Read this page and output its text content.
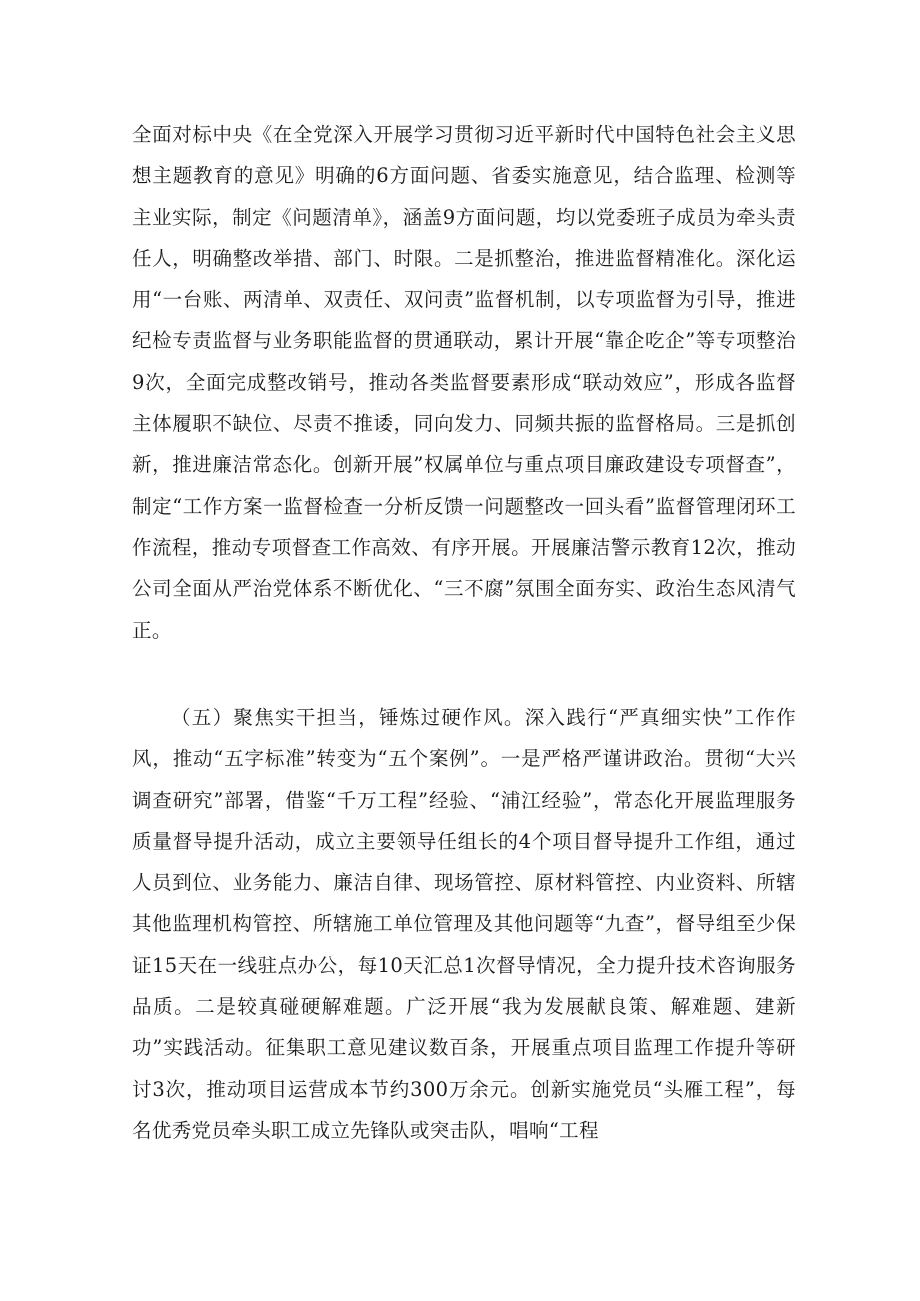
全面对标中央《在全党深入开展学习贯彻习近平新时代中国特色社会主义思想主题教育的意见》明确的6方面问题、省委实施意见，结合监理、检测等主业实际，制定《问题清单》，涵盖9方面问题，均以党委班子成员为牵头责任人，明确整改举措、部门、时限。二是抓整治，推进监督精准化。深化运用“一台账、两清单、双责任、双问责”监督机制，以专项监督为引导，推进纪检专责监督与业务职能监督的贯通联动，累计开展“靠企吃企”等专项整治9次，全面完成整改销号，推动各类监督要素形成“联动效应”，形成各监督主体履职不缺位、尽责不推诿，同向发力、同频共振的监督格局。三是抓创新，推进廉洁常态化。创新开展”权属单位与重点项目廉政建设专项督查”，制定“工作方案一监督检查一分析反馈一问题整改一回头看”监督管理闭环工作流程，推动专项督查工作高效、有序开展。开展廉洁警示教育12次，推动公司全面从严治党体系不断优化、“三不腐”氛围全面夯实、政治生态风清气正。

（五）聚焦实干担当，锤炼过硬作风。深入践行“严真细实快”工作作风，推动“五字标准”转变为“五个案例”。一是严格严谨讲政治。贯彻“大兴调查研究”部署，借鉴“千万工程”经验、“浦江经验”，常态化开展监理服务质量督导提升活动，成立主要领导任组长的4个项目督导提升工作组，通过人员到位、业务能力、廉洁自律、现场管控、原材料管控、内业资料、所辖其他监理机构管控、所辖施工单位管理及其他问题等“九查”，督导组至少保证15天在一线驻点办公，每10天汇总1次督导情况，全力提升技术咨询服务品质。二是较真碰硬解难题。广泛开展“我为发展献良策、解难题、建新功”实践活动。征集职工意见建议数百条，开展重点项目监理工作提升等研讨3次，推动项目运营成本节约300万余元。创新实施党员“头雁工程”，每名优秀党员牵头职工成立先锋队或突击队，唱响“工程
